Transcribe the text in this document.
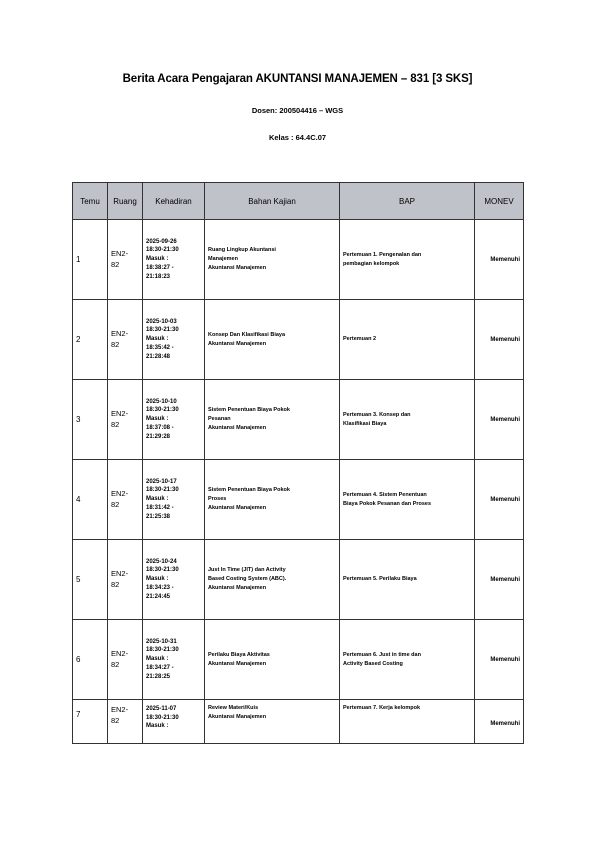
Berita Acara Pengajaran AKUNTANSI MANAJEMEN – 831 [3 SKS]
Dosen: 200504416 – WGS
Kelas : 64.4C.07
Temu	Ruang	Kehadiran	Bahan Kajian	BAP	MONEV
1	EN2-
82	2025-09-26
18:30-21:30
Masuk :
18:38:27 -
21:18:23	Ruang Lingkup Akuntansi
Manajemen
Akuntansi Manajemen	Pertemuan 1. Pengenalan dan
pembagian kelompok	Memenuhi
2	EN2-
82	2025-10-03
18:30-21:30
Masuk :
18:35:42 -
21:28:48	Konsep Dan Klasifikasi Biaya
Akuntansi Manajemen	Pertemuan 2	Memenuhi
3	EN2-
82	2025-10-10
18:30-21:30
Masuk :
18:37:08 -
21:29:28	Sistem Penentuan Biaya Pokok
Pesanan
Akuntansi Manajemen	Pertemuan 3. Konsep dan
Klasifikasi Biaya	Memenuhi
4	EN2-
82	2025-10-17
18:30-21:30
Masuk :
18:31:42 -
21:25:38	Sistem Penentuan Biaya Pokok
Proses
Akuntansi Manajemen	Pertemuan 4. Sistem Penentuan
Biaya Pokok Pesanan dan Proses	Memenuhi
5	EN2-
82	2025-10-24
18:30-21:30
Masuk :
18:34:23 -
21:24:45	Just In Time (JIT) dan Activity
Based Costing System (ABC).
Akuntansi Manajemen	Pertemuan 5. Perilaku Biaya	Memenuhi
6	EN2-
82	2025-10-31
18:30-21:30
Masuk :
18:34:27 -
21:28:25	Perilaku Biaya Aktivitas
Akuntansi Manajemen	Pertemuan 6. Just in time dan
Activity Based Costing	Memenuhi
7	EN2-
82	2025-11-07
18:30-21:30
Masuk :	Review Materi/Kuis
Akuntansi Manajemen	Pertemuan 7. Kerja kelompok	Memenuhi
